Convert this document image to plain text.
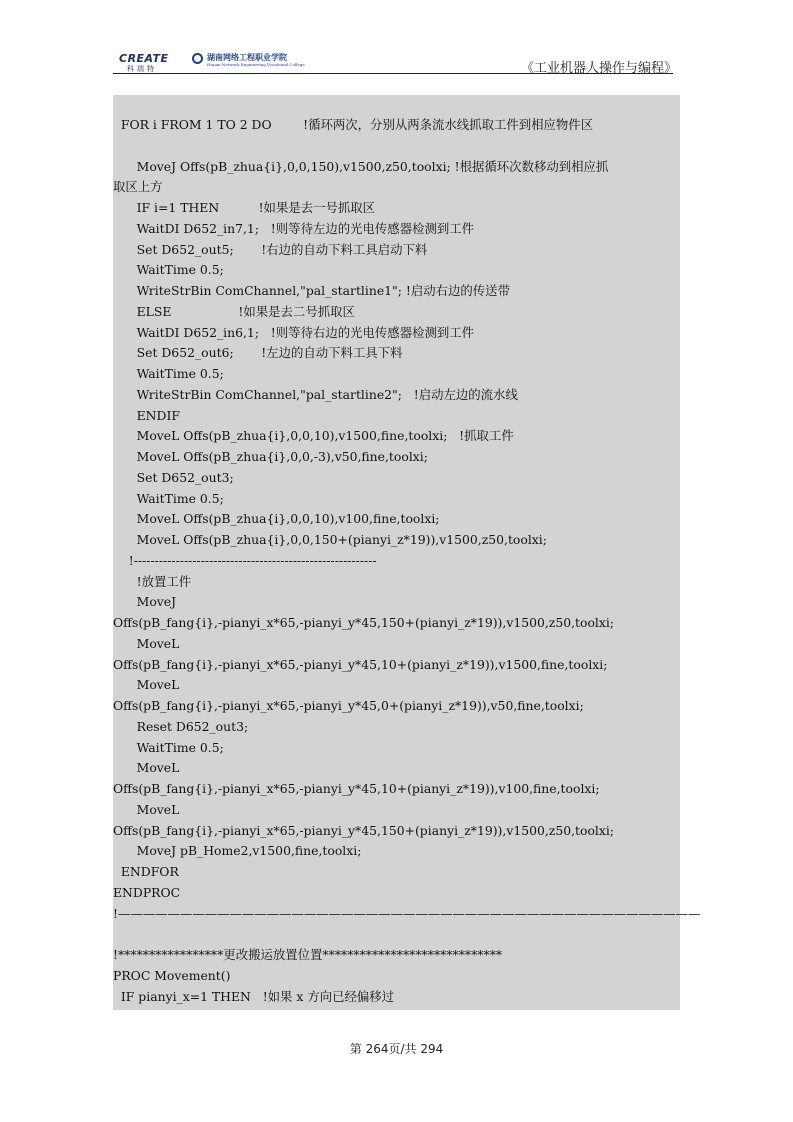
CREATE
科瑞特
湖南网络工程职业学院
Hunan Network Engineering Vocational College	《工业机器人操作与编程》
FOR i FROM 1 TO 2 DO        !循环两次，分别从两条流水线抓取工件到相应物件区
MoveJ Offs(pB_zhua{i},0,0,150),v1500,z50,toolxi; !根据循环次数移动到相应抓
取区上方
IF i=1 THEN          !如果是去一号抓取区
WaitDI D652_in7,1;   !则等待左边的光电传感器检测到工件
Set D652_out5;       !右边的自动下料工具启动下料
WaitTime 0.5;
WriteStrBin ComChannel,"pal_startline1"; !启动右边的传送带
ELSE                 !如果是去二号抓取区
WaitDI D652_in6,1;   !则等待右边的光电传感器检测到工件
Set D652_out6;       !左边的自动下料工具下料
WaitTime 0.5;
WriteStrBin ComChannel,"pal_startline2";   !启动左边的流水线
ENDIF
MoveL Offs(pB_zhua{i},0,0,10),v1500,fine,toolxi;   !抓取工件
MoveL Offs(pB_zhua{i},0,0,-3),v50,fine,toolxi;
Set D652_out3;
WaitTime 0.5;
MoveL Offs(pB_zhua{i},0,0,10),v100,fine,toolxi;
MoveL Offs(pB_zhua{i},0,0,150+(pianyi_z*19)),v1500,z50,toolxi;
!----------------------------------------------------------
!放置工件
MoveJ
Offs(pB_fang{i},-pianyi_x*65,-pianyi_y*45,150+(pianyi_z*19)),v1500,z50,toolxi;
MoveL
Offs(pB_fang{i},-pianyi_x*65,-pianyi_y*45,10+(pianyi_z*19)),v1500,fine,toolxi;
MoveL
Offs(pB_fang{i},-pianyi_x*65,-pianyi_y*45,0+(pianyi_z*19)),v50,fine,toolxi;
Reset D652_out3;
WaitTime 0.5;
MoveL
Offs(pB_fang{i},-pianyi_x*65,-pianyi_y*45,10+(pianyi_z*19)),v100,fine,toolxi;
MoveL
Offs(pB_fang{i},-pianyi_x*65,-pianyi_y*45,150+(pianyi_z*19)),v1500,z50,toolxi;
MoveJ pB_Home2,v1500,fine,toolxi;
ENDFOR
ENDPROC
!———————————————————————————————————————————————
!*****************更改搬运放置位置*****************************
PROC Movement()
IF pianyi_x=1 THEN   !如果 x 方向已经偏移过
第 264页/共 294
